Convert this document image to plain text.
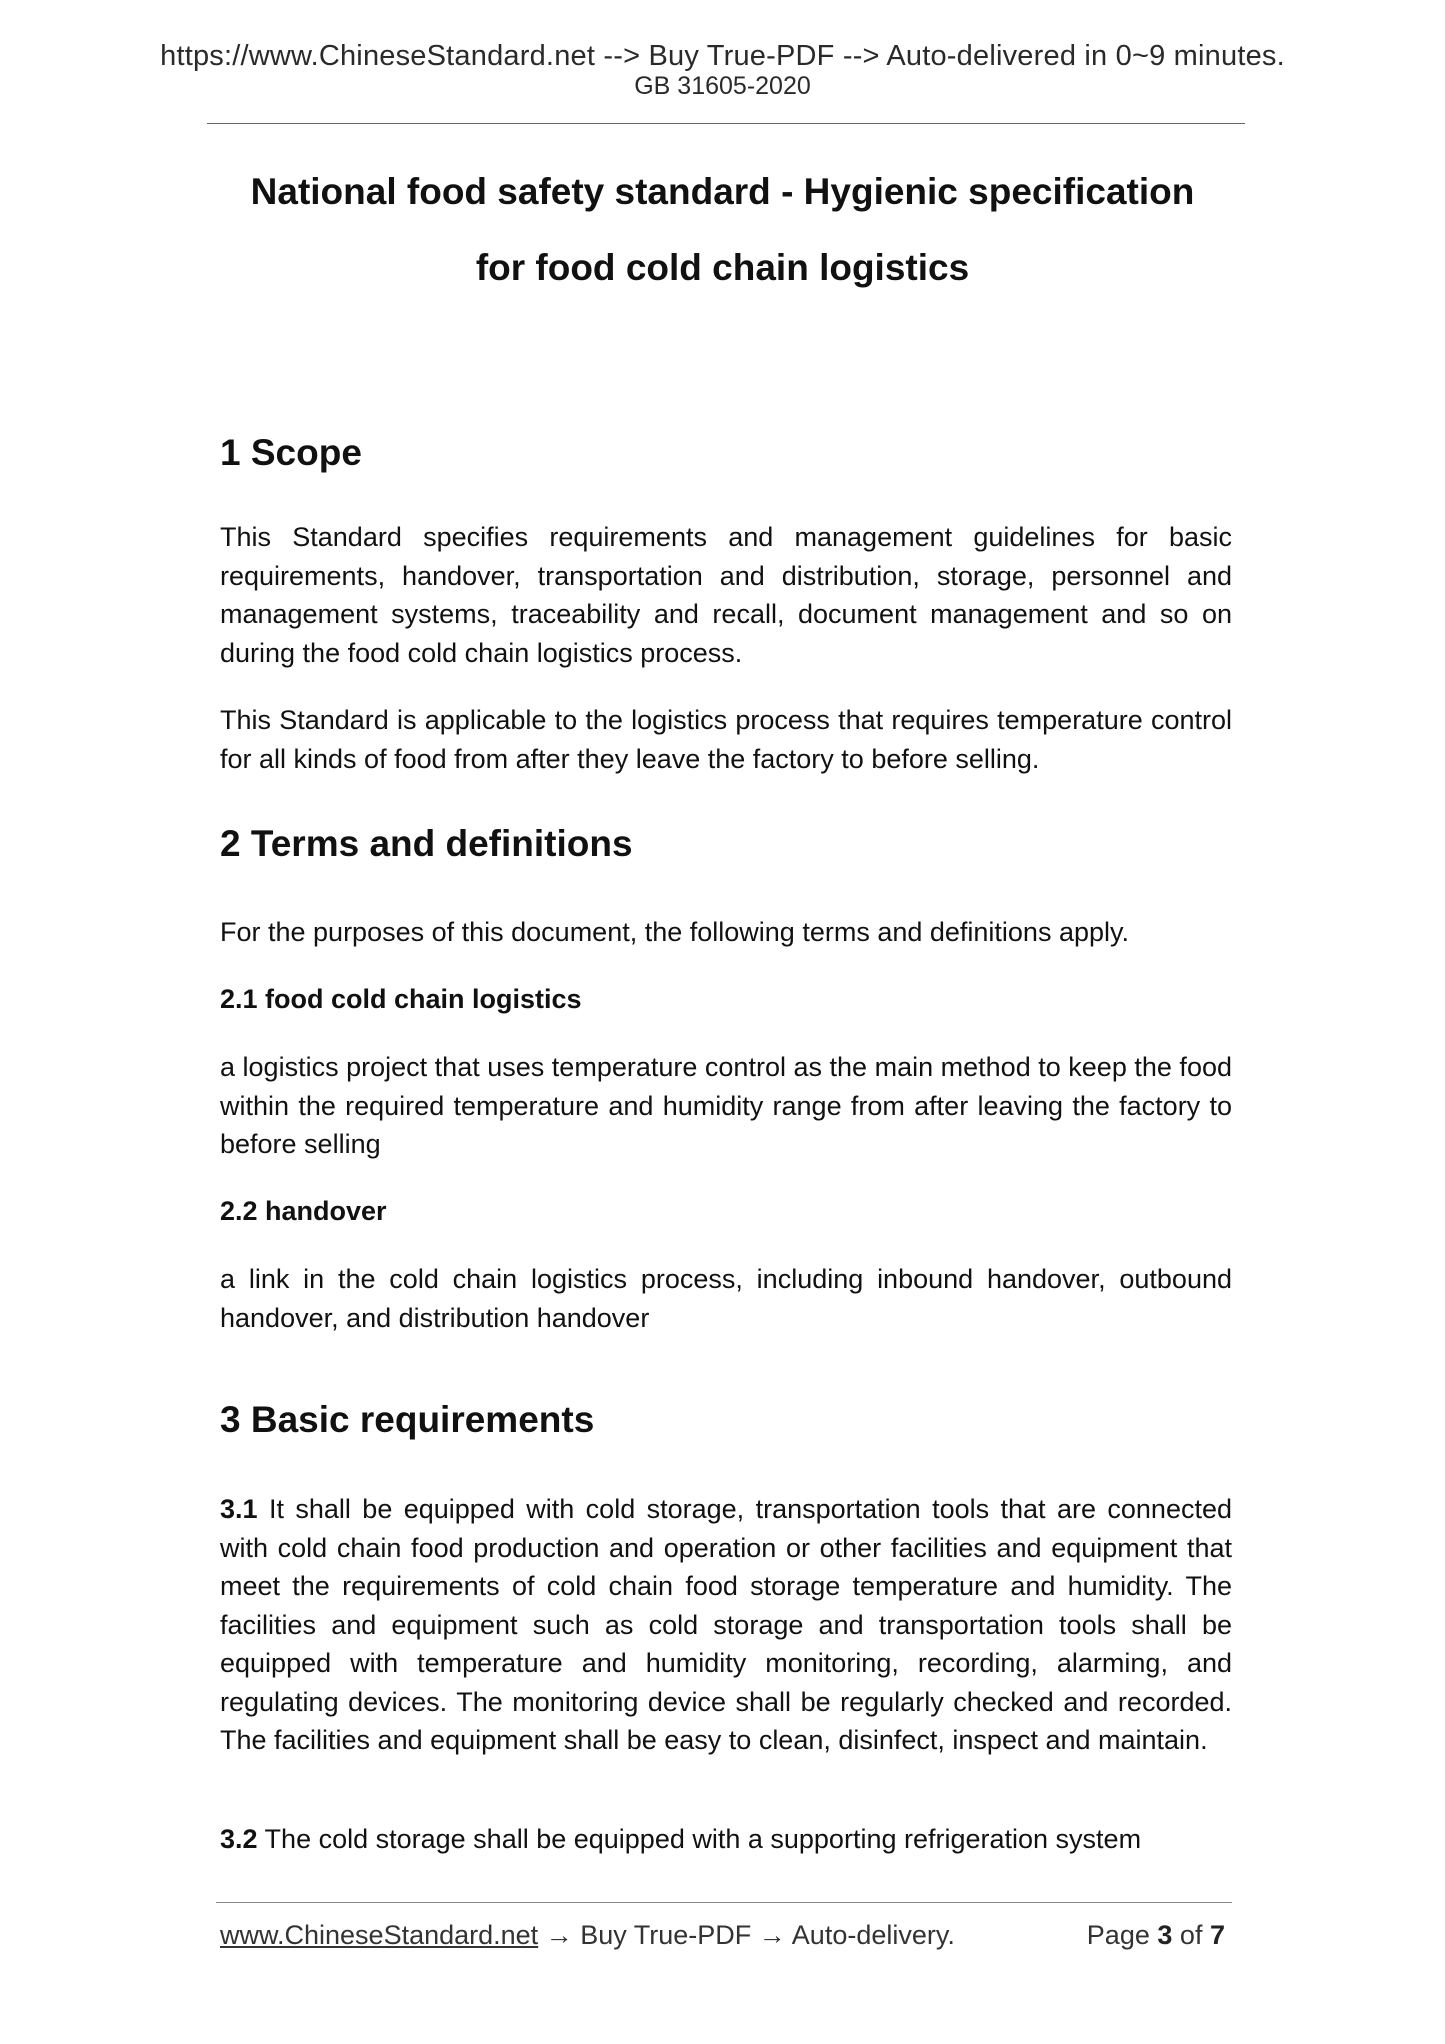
https://www.ChineseStandard.net --> Buy True-PDF --> Auto-delivered in 0~9 minutes.
GB 31605-2020
National food safety standard - Hygienic specification
for food cold chain logistics
1 Scope
This Standard specifies requirements and management guidelines for basic requirements, handover, transportation and distribution, storage, personnel and management systems, traceability and recall, document management and so on during the food cold chain logistics process.
This Standard is applicable to the logistics process that requires temperature control for all kinds of food from after they leave the factory to before selling.
2 Terms and definitions
For the purposes of this document, the following terms and definitions apply.
2.1 food cold chain logistics
a logistics project that uses temperature control as the main method to keep the food within the required temperature and humidity range from after leaving the factory to before selling
2.2 handover
a link in the cold chain logistics process, including inbound handover, outbound handover, and distribution handover
3 Basic requirements
3.1 It shall be equipped with cold storage, transportation tools that are connected with cold chain food production and operation or other facilities and equipment that meet the requirements of cold chain food storage temperature and humidity. The facilities and equipment such as cold storage and transportation tools shall be equipped with temperature and humidity monitoring, recording, alarming, and regulating devices. The monitoring device shall be regularly checked and recorded. The facilities and equipment shall be easy to clean, disinfect, inspect and maintain.
3.2 The cold storage shall be equipped with a supporting refrigeration system
www.ChineseStandard.net → Buy True-PDF → Auto-delivery.	Page 3 of 7
